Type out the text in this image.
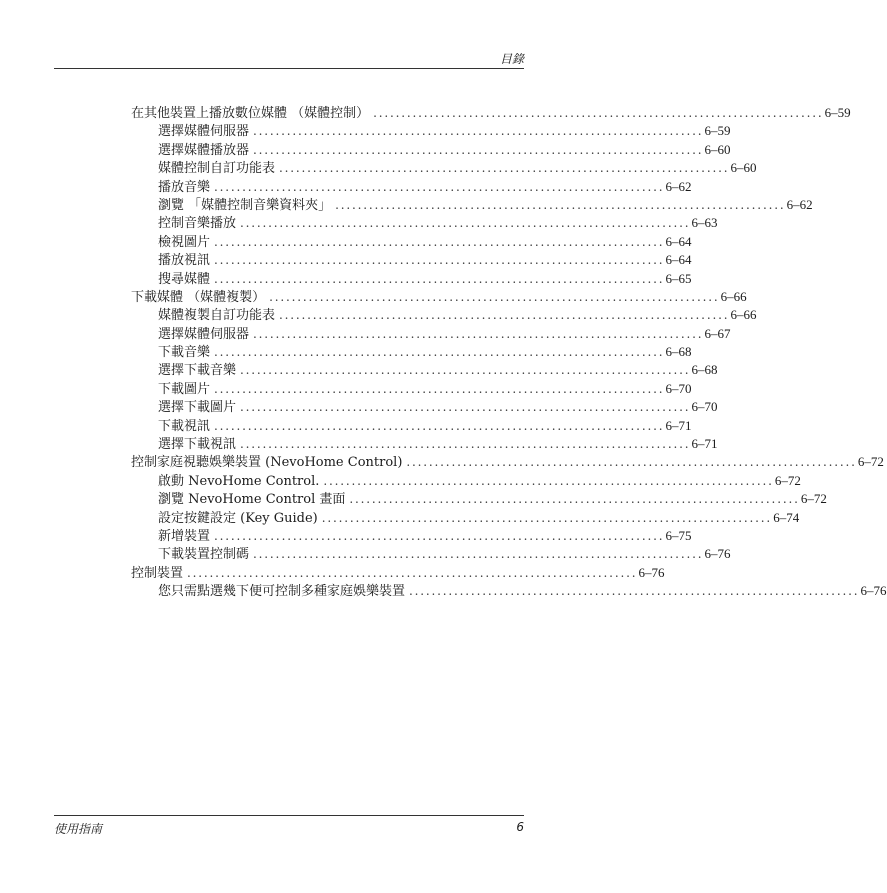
目錄
在其他裝置上播放數位媒體 （媒體控制） . . .	6–59
選擇媒體伺服器 . . .	6–59
選擇媒體播放器 . . .	6–60
媒體控制自訂功能表 . . .	6–60
播放音樂 . . .	6–62
瀏覽 「媒體控制音樂資料夾」 . . .	6–62
控制音樂播放 . . .	6–63
檢視圖片 . . .	6–64
播放視訊 . . .	6–64
搜尋媒體 . . .	6–65
下載媒體 （媒體複製） . . .	6–66
媒體複製自訂功能表 . . .	6–66
選擇媒體伺服器 . . .	6–67
下載音樂 . . .	6–68
選擇下載音樂 . . .	6–68
下載圖片 . . .	6–70
選擇下載圖片 . . .	6–70
下載視訊 . . .	6–71
選擇下載視訊 . . .	6–71
控制家庭視聽娛樂裝置 (NevoHome Control) . . .	6–72
啟動 NevoHome Control. . . .	6–72
瀏覽 NevoHome Control 畫面 . . .	6–72
設定按鍵設定 (Key Guide) . . .	6–74
新增裝置 . . .	6–75
下載裝置控制碼 . . .	6–76
控制裝置 . . .	6–76
您只需點選幾下便可控制多種家庭娛樂裝置 . . .	6–76
使用指南	6
